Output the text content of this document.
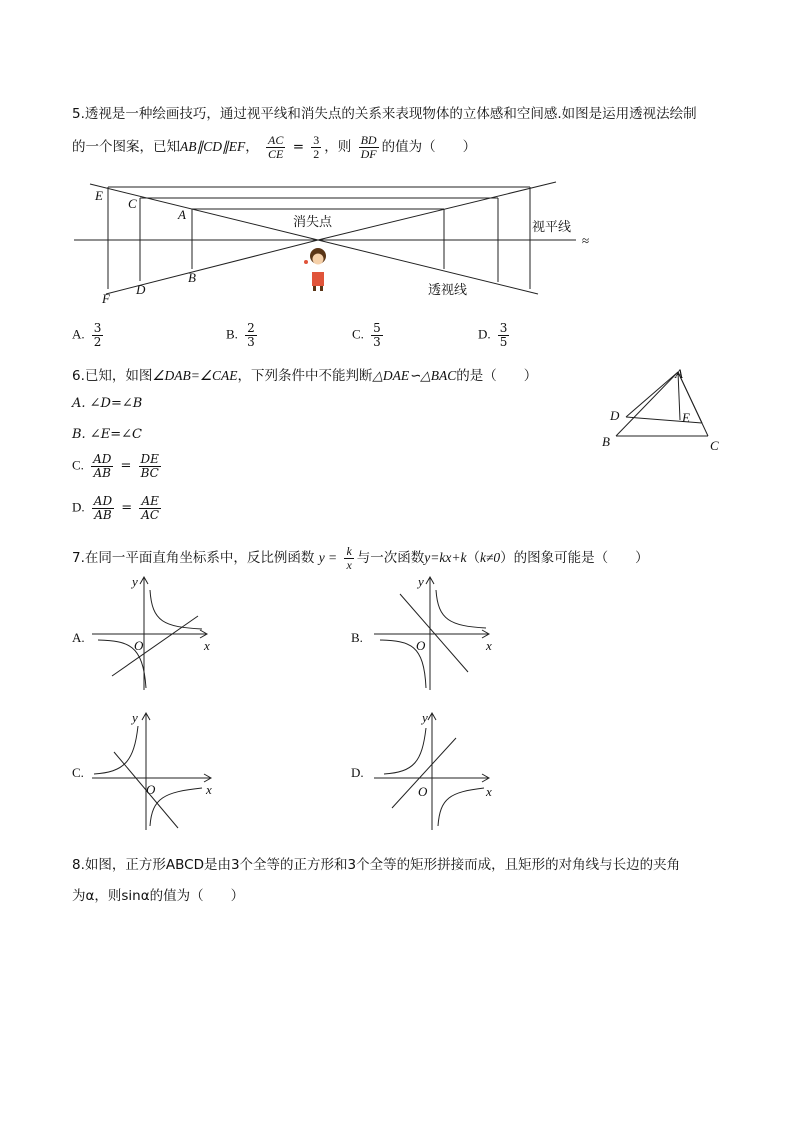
5.透视是一种绘画技巧，通过视平线和消失点的关系来表现物体的立体感和空间感.如图是运用透视法绘制
的一个图案，已知AB∥CD∥EF， $\frac{AC}{CE} = \frac{3}{2}$ ，则 $\frac{BD}{DF}$ 的值为（　　）
E
C
A
B
D
F
消失点	视平线
透视线
≈
A. $\frac{3}{2}$	B. $\frac{2}{3}$	C. $\frac{5}{3}$	D. $\frac{3}{5}$
6.已知，如图∠DAB=∠CAE，下列条件中不能判断△DAE∽△BAC的是（　　）
A. ∠D=∠B
B. ∠E=∠C
C. $\frac{AD}{AB} = \frac{DE}{BC}$
D. $\frac{AD}{AB} = \frac{AE}{AC}$
A
D	E
B	C
7.在同一平面直角坐标系中，反比例函数 $y = \frac{k}{x}$ 与一次函数y=kx+k（k≠0）的图象可能是（　　）
A.
y
x
O
B.
y
x
O
C.
y
x
O
D.
y
x
O
8.如图，正方形ABCD是由3个全等的正方形和3个全等的矩形拼接而成，且矩形的对角线与长边的夹角
为α，则sinα的值为（　　）
